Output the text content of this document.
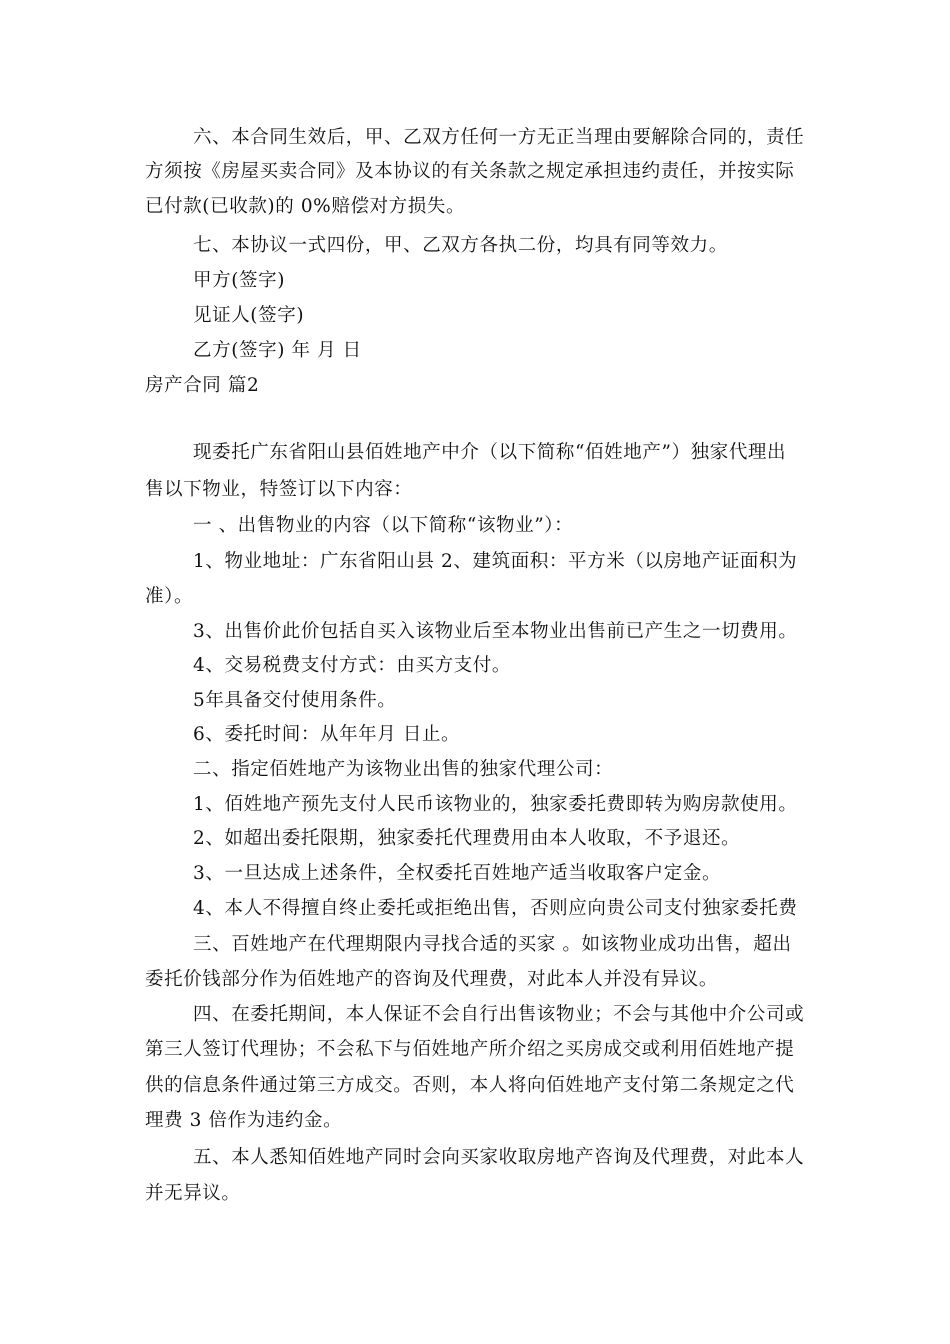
六、本合同生效后，甲、乙双方任何一方无正当理由要解除合同的，责任
方须按《房屋买卖合同》及本协议的有关条款之规定承担违约责任，并按实际
已付款(已收款)的 0%赔偿对方损失。
七、本协议一式四份，甲、乙双方各执二份，均具有同等效力。
甲方(签字)
见证人(签字)
乙方(签字) 年 月 日
房产合同 篇2
现委托广东省阳山县佰姓地产中介（以下简称“佰姓地产”）独家代理出
售以下物业，特签订以下内容：
一 、出售物业的内容（以下简称“该物业”）：
1、物业地址：广东省阳山县 2、建筑面积：平方米（以房地产证面积为
准）。
3、出售价此价包括自买入该物业后至本物业出售前已产生之一切费用。
4、交易税费支付方式：由买方支付。
5年具备交付使用条件。
6、委托时间：从年年月 日止。
二、指定佰姓地产为该物业出售的独家代理公司：
1、佰姓地产预先支付人民币该物业的，独家委托费即转为购房款使用。
2、如超出委托限期，独家委托代理费用由本人收取，不予退还。
3、一旦达成上述条件，全权委托百姓地产适当收取客户定金。
4、本人不得擅自终止委托或拒绝出售，否则应向贵公司支付独家委托费
三、百姓地产在代理期限内寻找合适的买家 。如该物业成功出售，超出
委托价钱部分作为佰姓地产的咨询及代理费，对此本人并没有异议。
四、在委托期间，本人保证不会自行出售该物业；不会与其他中介公司或
第三人签订代理协；不会私下与佰姓地产所介绍之买房成交或利用佰姓地产提
供的信息条件通过第三方成交。否则，本人将向佰姓地产支付第二条规定之代
理费 3 倍作为违约金。
五、本人悉知佰姓地产同时会向买家收取房地产咨询及代理费，对此本人
并无异议。
